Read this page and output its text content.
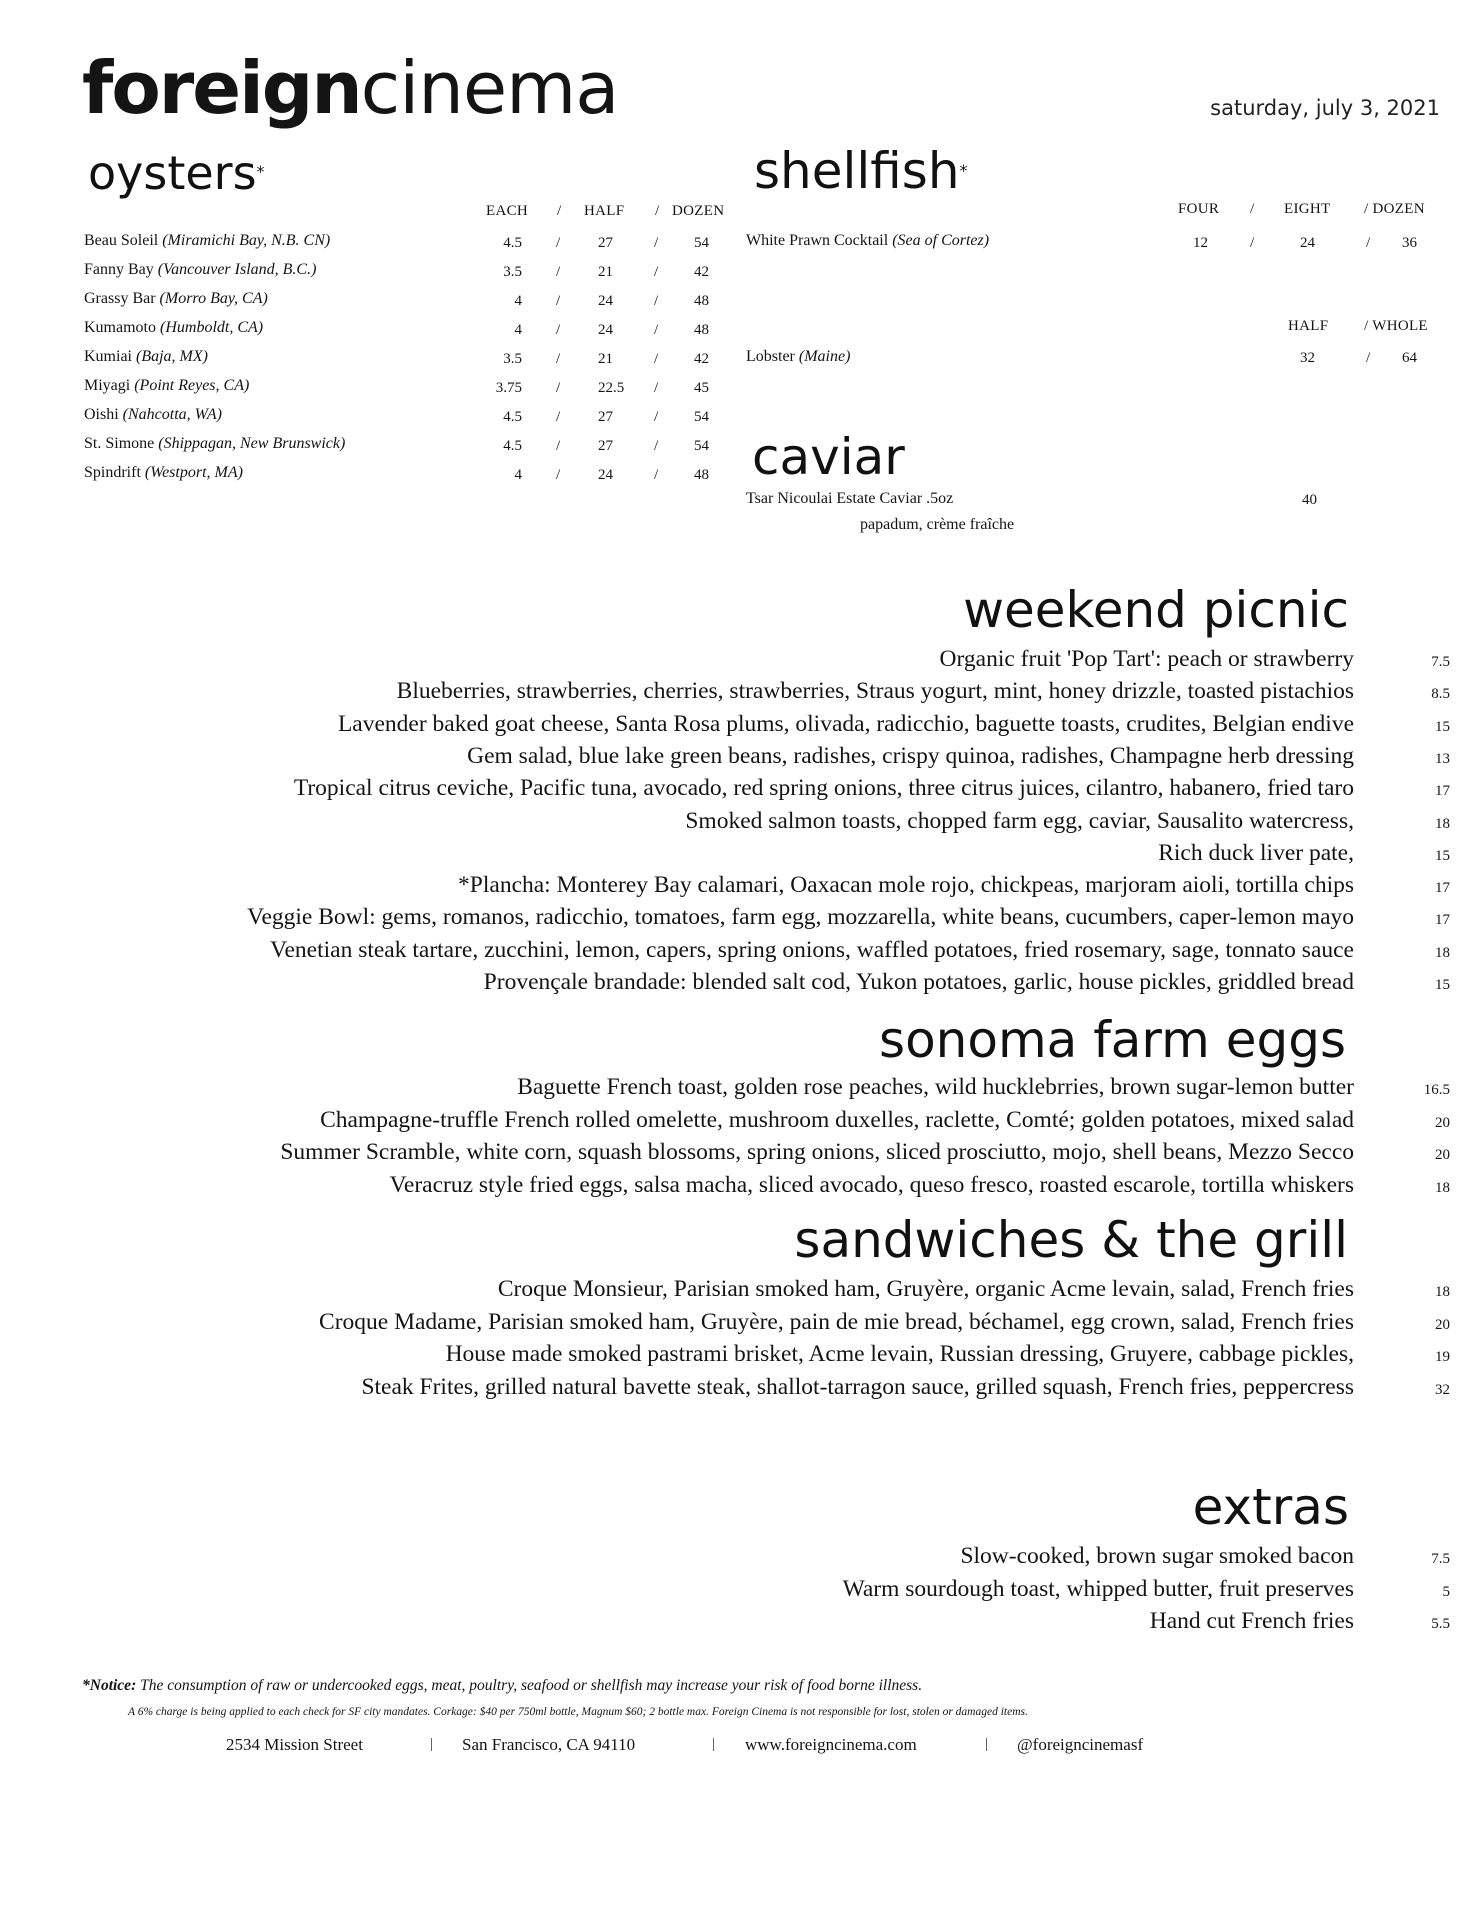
foreigncinema	saturday, july 3, 2021
oysters*
EACH / HALF / DOZEN
Beau Soleil (Miramichi Bay, N.B. CN)	4.5 /	27	/ 54
Fanny Bay (Vancouver Island, B.C.)	3.5 /	21	/ 42
Grassy Bar (Morro Bay, CA)	4 /	24	/ 48
Kumamoto (Humboldt, CA)	4 /	24	/ 48
Kumiai (Baja, MX)	3.5 /	21	/ 42
Miyagi (Point Reyes, CA)	3.75 /	22.5 / 45
Oishi (Nahcotta, WA)	4.5 /	27	/ 54
St. Simone (Shippagan, New Brunswick)	4.5 /	27	/ 54
Spindrift (Westport, MA)	4 /	24	/ 48
shellfish*
FOUR / EIGHT / DOZEN
White Prawn Cocktail (Sea of Cortez)	12	/	24	/ 36
HALF / WHOLE
Lobster (Maine)	32	/ 64
caviar
Tsar Nicoulai Estate Caviar .5oz	40
papadum, crème fraîche
weekend picnic
Organic fruit 'Pop Tart': peach or strawberry	7.5
Blueberries, strawberries, cherries, strawberries, Straus yogurt, mint, honey drizzle, toasted pistachios	8.5
Lavender baked goat cheese, Santa Rosa plums, olivada, radicchio, baguette toasts, crudites, Belgian endive	15
Gem salad, blue lake green beans, radishes, crispy quinoa, radishes, Champagne herb dressing	13
Tropical citrus ceviche, Pacific tuna, avocado, red spring onions, three citrus juices, cilantro, habanero, fried taro	17
Smoked salmon toasts, chopped farm egg, caviar, Sausalito watercress,	18
Rich duck liver pate,	15
*Plancha: Monterey Bay calamari, Oaxacan mole rojo, chickpeas, marjoram aioli, tortilla chips	17
Veggie Bowl: gems, romanos, radicchio, tomatoes, farm egg, mozzarella, white beans, cucumbers, caper-lemon mayo	17
Venetian steak tartare, zucchini, lemon, capers, spring onions, waffled potatoes, fried rosemary, sage, tonnato sauce	18
Provençale brandade: blended salt cod, Yukon potatoes, garlic, house pickles, griddled bread	15
sonoma farm eggs
Baguette French toast, golden rose peaches, wild hucklebrries, brown sugar-lemon butter	16.5
Champagne-truffle French rolled omelette, mushroom duxelles, raclette, Comté; golden potatoes, mixed salad	20
Summer Scramble, white corn, squash blossoms, spring onions, sliced prosciutto, mojo, shell beans, Mezzo Secco	20
Veracruz style fried eggs, salsa macha, sliced avocado, queso fresco, roasted escarole, tortilla whiskers	18
sandwiches & the grill
Croque Monsieur, Parisian smoked ham, Gruyère, organic Acme levain, salad, French fries	18
Croque Madame, Parisian smoked ham, Gruyère, pain de mie bread, béchamel, egg crown, salad, French fries	20
House made smoked pastrami brisket, Acme levain, Russian dressing, Gruyere, cabbage pickles,	19
Steak Frites, grilled natural bavette steak, shallot-tarragon sauce, grilled squash, French fries, peppercress	32
extras
Slow-cooked, brown sugar smoked bacon	7.5
Warm sourdough toast, whipped butter, fruit preserves	5
Hand cut French fries	5.5
*Notice: The consumption of raw or undercooked eggs, meat, poultry, seafood or shellfish may increase your risk of food borne illness.
A 6% charge is being applied to each check for SF city mandates. Corkage: $40 per 750ml bottle, Magnum $60; 2 bottle max. Foreign Cinema is not responsible for lost, stolen or damaged items.
2534 Mission Street	| San Francisco, CA 94110	| www.foreigncinema.com	| @foreigncinemasf
